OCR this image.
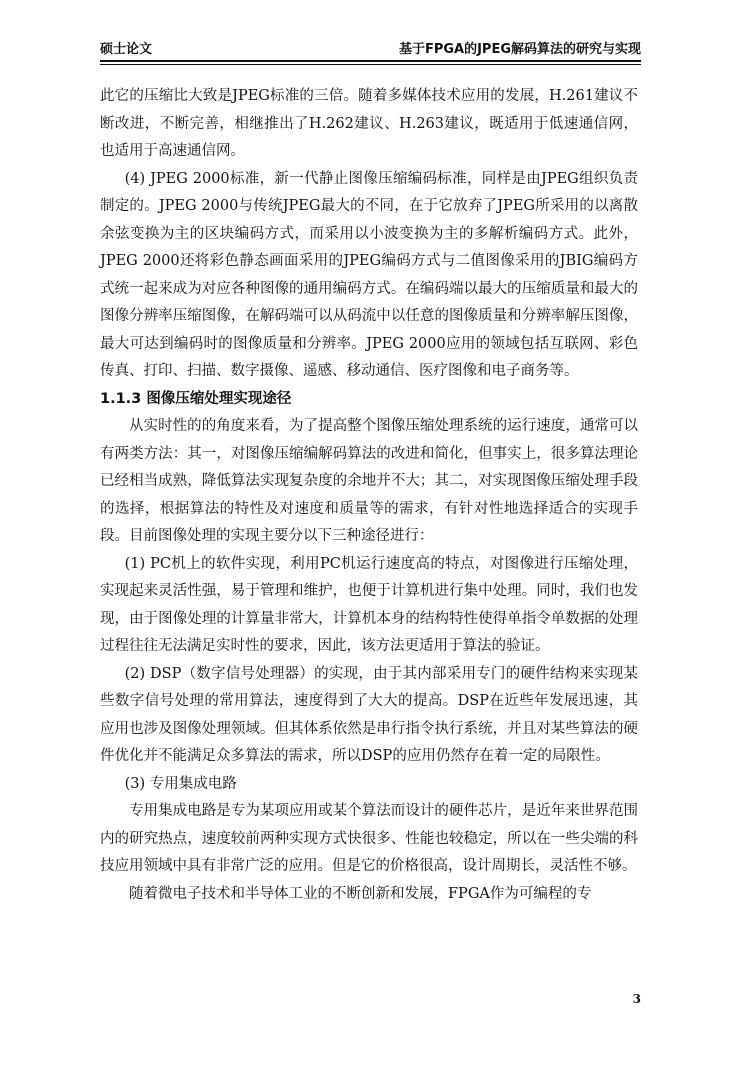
硕士论文	基于FPGA的JPEG解码算法的研究与实现

此它的压缩比大致是JPEG标准的三倍。随着多媒体技术应用的发展，H.261建议不断改进，不断完善，相继推出了H.262建议、H.263建议，既适用于低速通信网，也适用于高速通信网。

(4) JPEG 2000标准，新一代静止图像压缩编码标准，同样是由JPEG组织负责制定的。JPEG 2000与传统JPEG最大的不同，在于它放弃了JPEG所采用的以离散余弦变换为主的区块编码方式，而采用以小波变换为主的多解析编码方式。此外，JPEG 2000还将彩色静态画面采用的JPEG编码方式与二值图像采用的JBIG编码方式统一起来成为对应各种图像的通用编码方式。在编码端以最大的压缩质量和最大的图像分辨率压缩图像，在解码端可以从码流中以任意的图像质量和分辨率解压图像，最大可达到编码时的图像质量和分辨率。JPEG 2000应用的领域包括互联网、彩色传真、打印、扫描、数字摄像、遥感、移动通信、医疗图像和电子商务等。

1.1.3 图像压缩处理实现途径

从实时性的的角度来看，为了提高整个图像压缩处理系统的运行速度，通常可以有两类方法：其一，对图像压缩编解码算法的改进和简化，但事实上，很多算法理论已经相当成熟，降低算法实现复杂度的余地并不大；其二，对实现图像压缩处理手段的选择，根据算法的特性及对速度和质量等的需求，有针对性地选择适合的实现手段。目前图像处理的实现主要分以下三种途径进行：

(1) PC机上的软件实现，利用PC机运行速度高的特点，对图像进行压缩处理，实现起来灵活性强，易于管理和维护，也便于计算机进行集中处理。同时，我们也发现，由于图像处理的计算量非常大，计算机本身的结构特性使得单指令单数据的处理过程往往无法满足实时性的要求，因此，该方法更适用于算法的验证。

(2) DSP（数字信号处理器）的实现，由于其内部采用专门的硬件结构来实现某些数字信号处理的常用算法，速度得到了大大的提高。DSP在近些年发展迅速，其应用也涉及图像处理领域。但其体系依然是串行指令执行系统，并且对某些算法的硬件优化并不能满足众多算法的需求，所以DSP的应用仍然存在着一定的局限性。

(3) 专用集成电路

专用集成电路是专为某项应用或某个算法而设计的硬件芯片，是近年来世界范围内的研究热点，速度较前两种实现方式快很多、性能也较稳定，所以在一些尖端的科技应用领域中具有非常广泛的应用。但是它的价格很高，设计周期长，灵活性不够。

随着微电子技术和半导体工业的不断创新和发展，FPGA作为可编程的专

3
